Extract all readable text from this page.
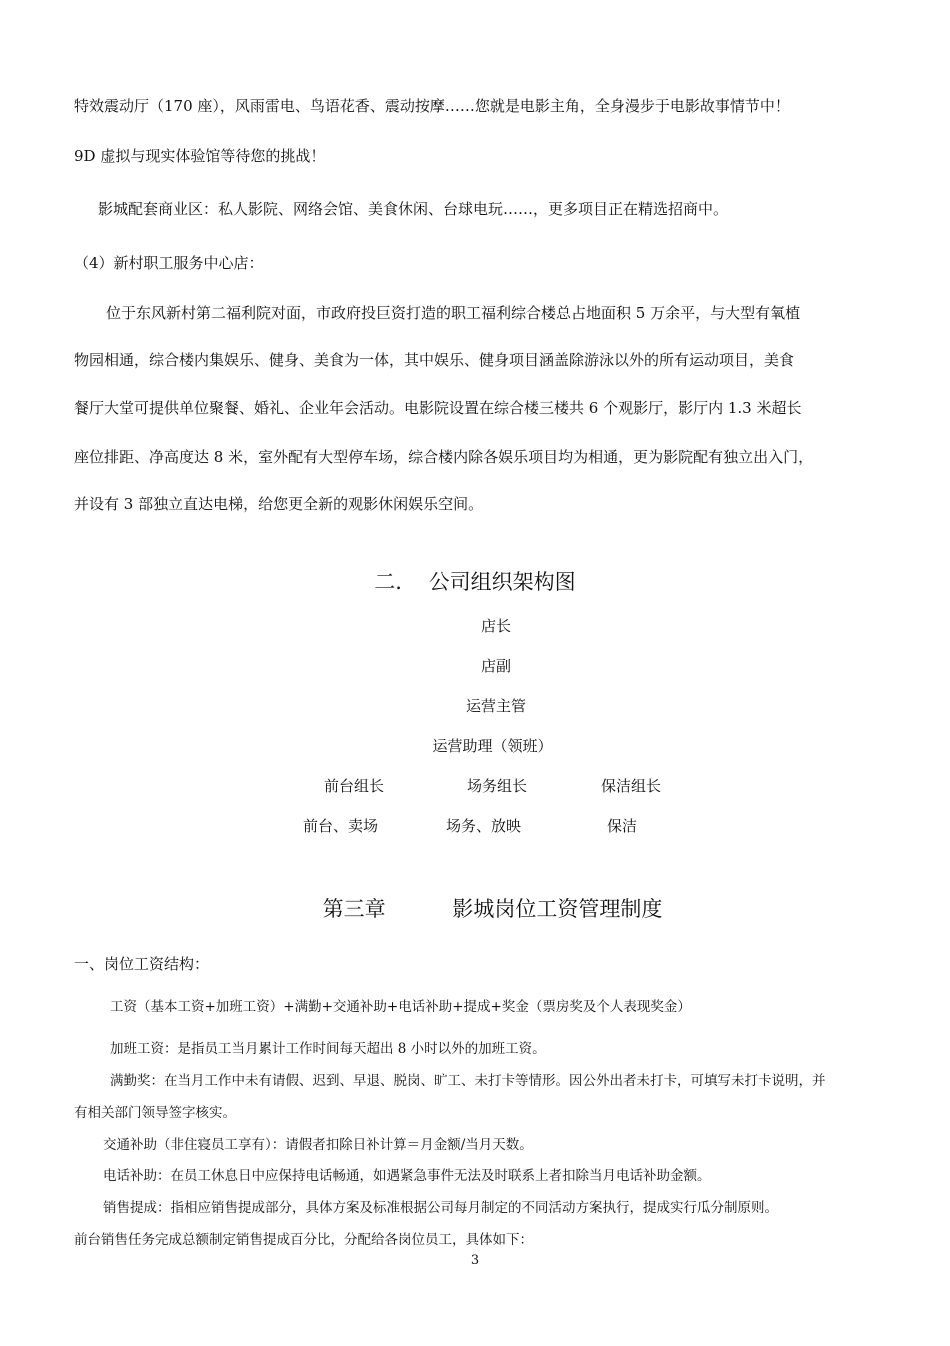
特效震动厅（170 座），风雨雷电、鸟语花香、震动按摩……您就是电影主角，全身漫步于电影故事情节中！
9D 虚拟与现实体验馆等待您的挑战！
影城配套商业区：私人影院、网络会馆、美食休闲、台球电玩……，更多项目正在精选招商中。
（4）新村职工服务中心店：
位于东风新村第二福利院对面，市政府投巨资打造的职工福利综合楼总占地面积 5 万余平，与大型有氧植
物园相通，综合楼内集娱乐、健身、美食为一体，其中娱乐、健身项目涵盖除游泳以外的所有运动项目，美食
餐厅大堂可提供单位聚餐、婚礼、企业年会活动。电影院设置在综合楼三楼共 6 个观影厅，影厅内 1.3 米超长
座位排距、净高度达 8 米，室外配有大型停车场，综合楼内除各娱乐项目均为相通，更为影院配有独立出入门，
并设有 3 部独立直达电梯，给您更全新的观影休闲娱乐空间。
二.    公司组织架构图
店长
店副
运营主管
运营助理（领班）
前台组长	场务组长	保洁组长
前台、卖场	场务、放映	保洁
第三章          影城岗位工资管理制度
一、岗位工资结构：
工资（基本工资+加班工资）+满勤+交通补助+电话补助+提成+奖金（票房奖及个人表现奖金）
加班工资：是指员工当月累计工作时间每天超出 8 小时以外的加班工资。
满勤奖：在当月工作中未有请假、迟到、早退、脱岗、旷工、未打卡等情形。因公外出者未打卡，可填写未打卡说明，并
有相关部门领导签字核实。
交通补助（非住寝员工享有）：请假者扣除日补计算＝月金额/当月天数。
电话补助：在员工休息日中应保持电话畅通，如遇紧急事件无法及时联系上者扣除当月电话补助金额。
销售提成：指相应销售提成部分，具体方案及标准根据公司每月制定的不同活动方案执行，提成实行瓜分制原则。
前台销售任务完成总额制定销售提成百分比，分配给各岗位员工，具体如下：
3
